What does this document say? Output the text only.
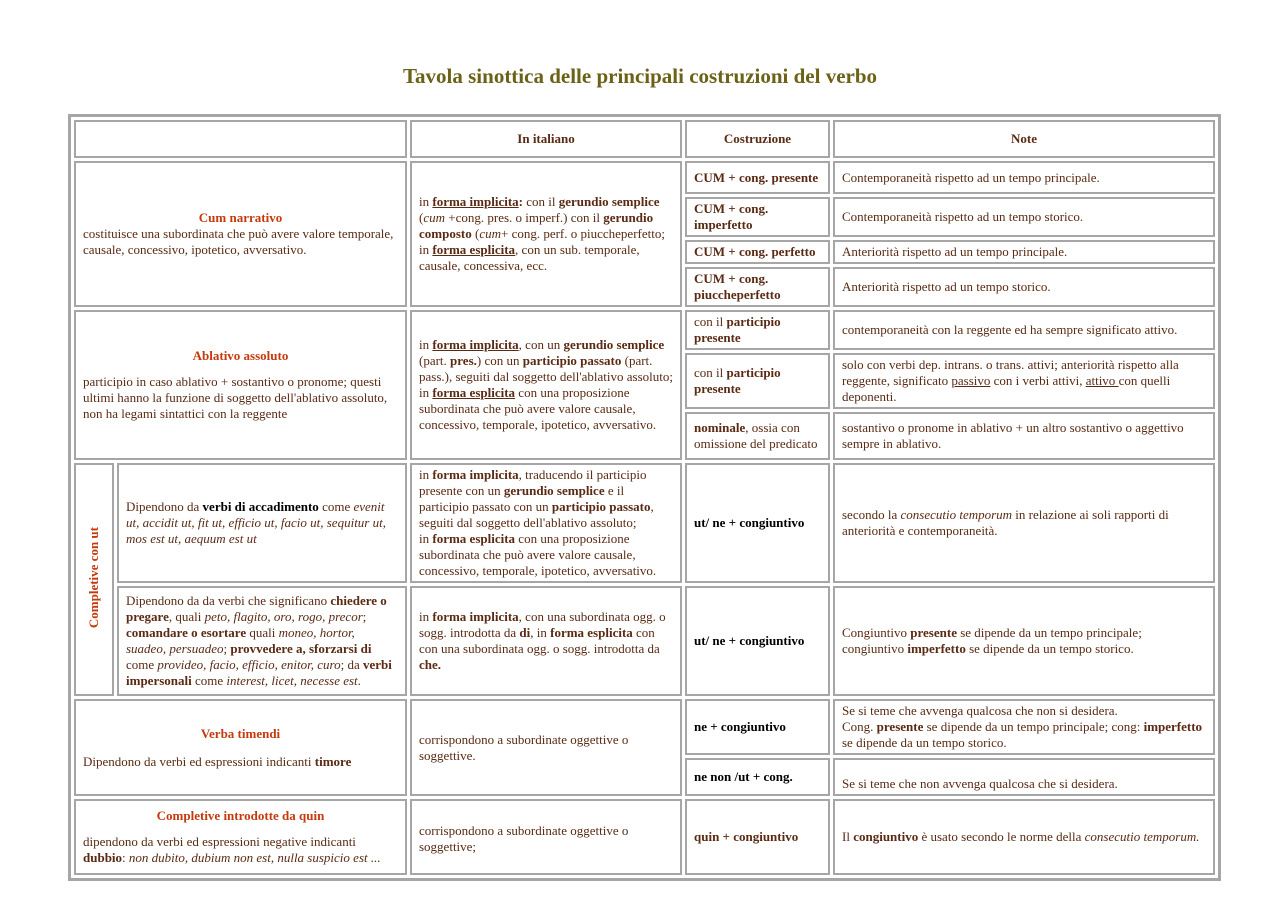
Tavola sinottica delle principali costruzioni del verbo
		In italiano	Costruzione	Note

Cum narrativo
costituisce una subordinata che può avere valore temporale, causale, concessivo, ipotetico, avversativo.		in forma implicita: con il gerundio semplice (cum +cong. pres. o imperf.) con il gerundio composto (cum+ cong. perf. o piuccheperfetto; in forma esplicita, con un sub. temporale, causale, concessiva, ecc.	CUM + cong. presente	Contemporaneità rispetto ad un tempo principale.
			CUM + cong. imperfetto	Contemporaneità rispetto ad un tempo storico.
			CUM + cong. perfetto	Anteriorità rispetto ad un tempo principale.
			CUM + cong. piuccheperfetto	Anteriorità rispetto ad un tempo storico.

Ablativo assoluto
participio in caso ablativo + sostantivo o pronome; questi ultimi hanno la funzione di soggetto dell'ablativo assoluto, non ha legami sintattici con la reggente		in forma implicita, con un gerundio semplice (part. pres.) con un participio passato (part. pass.), seguiti dal soggetto dell'ablativo assoluto;
in forma esplicita con una proposizione subordinata che può avere valore causale, concessivo, temporale, ipotetico, avversativo.	con il participio presente	contemporaneità con la reggente ed ha sempre significato attivo.
			con il participio presente	solo con verbi dep. intrans. o trans. attivi; anteriorità rispetto alla reggente, significato passivo con i verbi attivi, attivo con quelli deponenti.
			nominale, ossia con omissione del predicato	sostantivo o pronome in ablativo + un altro sostantivo o aggettivo sempre in ablativo.
Completive con ut	Dipendono da verbi di accadimento come evenit ut, accidit ut, fit ut, efficio ut, facio ut, sequitur ut, mos est ut, aequum est ut	in forma implicita, traducendo il participio presente con un gerundio semplice e il participio passato con un participio passato, seguiti dal soggetto dell'ablativo assoluto;
in forma esplicita con una proposizione subordinata che può avere valore causale, concessivo, temporale, ipotetico, avversativo.	ut/ ne + congiuntivo	secondo la consecutio temporum in relazione ai soli rapporti di anteriorità e contemporaneità.
	Dipendono da da verbi che significano chiedere o pregare, quali peto, flagito, oro, rogo, precor; comandare o esortare quali moneo, hortor, suadeo, persuadeo; provvedere a, sforzarsi di come provideo, facio, efficio, enitor, curo; da verbi impersonali come interest, licet, necesse est.	in forma implicita, con una subordinata ogg. o sogg. introdotta da di, in forma esplicita con con una subordinata ogg. o sogg. introdotta da che.	ut/ ne + congiuntivo	Congiuntivo presente se dipende da un tempo principale; congiuntivo imperfetto se dipende da un tempo storico.

Verba timendi
Dipendono da verbi ed espressioni indicanti timore		corrispondono a subordinate oggettive o soggettive.	ne + congiuntivo	Se si teme che avvenga qualcosa che non si desidera.
Cong. presente se dipende da un tempo principale; cong: imperfetto se dipende da un tempo storico.
			ne non /ut + cong.	Se si teme che non avvenga qualcosa che si desidera.

Completive introdotte da quin
dipendono da verbi ed espressioni negative indicanti dubbio: non dubito, dubium non est, nulla suspicio est ...		corrispondono a subordinate oggettive o soggettive;	quin + congiuntivo	Il congiuntivo è usato secondo le norme della consecutio temporum.
